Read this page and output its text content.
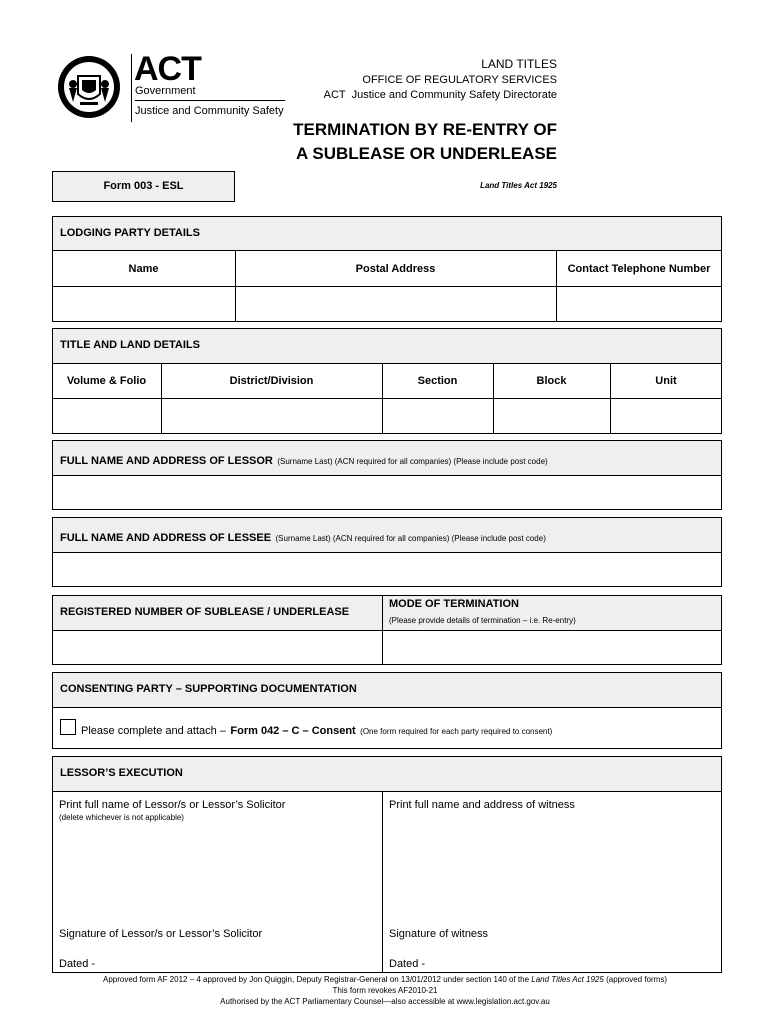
ACT
Government
Justice and Community Safety
LAND TITLES
OFFICE OF REGULATORY SERVICES
ACT  Justice and Community Safety Directorate
TERMINATION BY RE-ENTRY OF
A SUBLEASE OR UNDERLEASE
Form 003 - ESL	Land Titles Act 1925
LODGING PARTY DETAILS
Name	Postal Address	Contact Telephone Number
TITLE AND LAND DETAILS
Volume & Folio	District/Division	Section	Block	Unit
FULL NAME AND ADDRESS OF LESSOR (Surname Last) (ACN required for all companies) (Please include post code)
FULL NAME AND ADDRESS OF LESSEE (Surname Last) (ACN required for all companies) (Please include post code)
REGISTERED NUMBER OF SUBLEASE / UNDERLEASE
MODE OF TERMINATION
(Please provide details of termination – i.e. Re-entry)
CONSENTING PARTY – SUPPORTING DOCUMENTATION
Please complete and attach – Form 042 – C – Consent (One form required for each party required to consent)
LESSOR’S EXECUTION
Print full name of Lessor/s or Lessor’s Solicitor
(delete whichever is not applicable)
Print full name and address of witness
Signature of Lessor/s or Lessor’s Solicitor	Signature of witness
Dated -	Dated -
Approved form AF 2012 – 4 approved by Jon Quiggin, Deputy Registrar-General on 13/01/2012 under section 140 of the Land Titles Act 1925 (approved forms)
This form revokes AF2010-21
Authorised by the ACT Parliamentary Counsel—also accessible at www.legislation.act.gov.au
